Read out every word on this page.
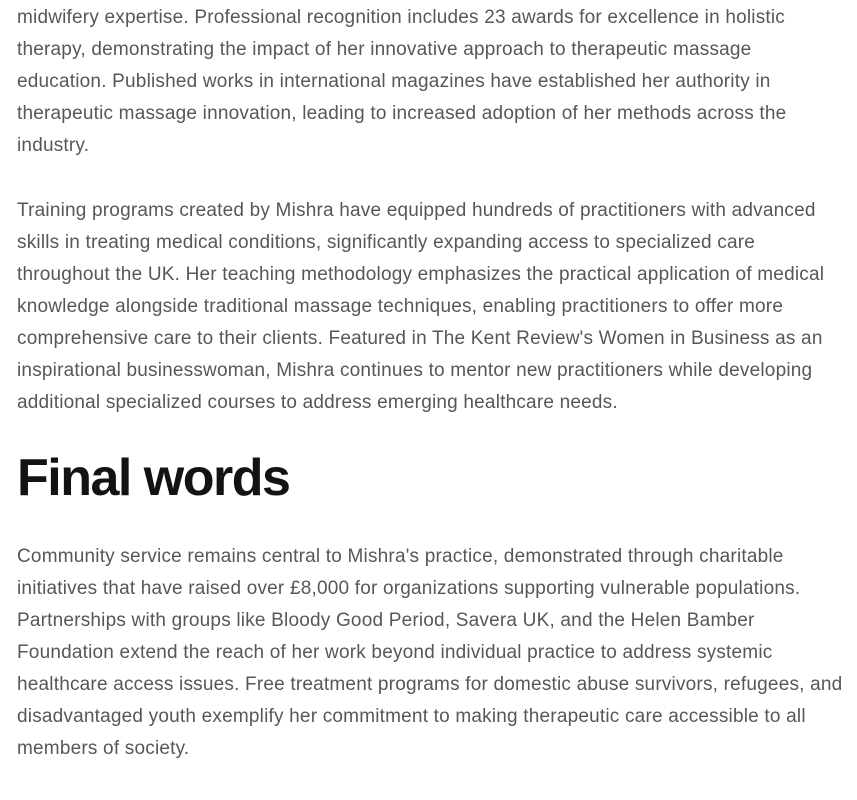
midwifery expertise. Professional recognition includes 23 awards for excellence in holistic therapy, demonstrating the impact of her innovative approach to therapeutic massage education. Published works in international magazines have established her authority in therapeutic massage innovation, leading to increased adoption of her methods across the industry.

Training programs created by Mishra have equipped hundreds of practitioners with advanced skills in treating medical conditions, significantly expanding access to specialized care throughout the UK. Her teaching methodology emphasizes the practical application of medical knowledge alongside traditional massage techniques, enabling practitioners to offer more comprehensive care to their clients. Featured in The Kent Review's Women in Business as an inspirational businesswoman, Mishra continues to mentor new practitioners while developing additional specialized courses to address emerging healthcare needs.

Final words

Community service remains central to Mishra's practice, demonstrated through charitable initiatives that have raised over £8,000 for organizations supporting vulnerable populations. Partnerships with groups like Bloody Good Period, Savera UK, and the Helen Bamber Foundation extend the reach of her work beyond individual practice to address systemic healthcare access issues. Free treatment programs for domestic abuse survivors, refugees, and disadvantaged youth exemplify her commitment to making therapeutic care accessible to all members of society.
